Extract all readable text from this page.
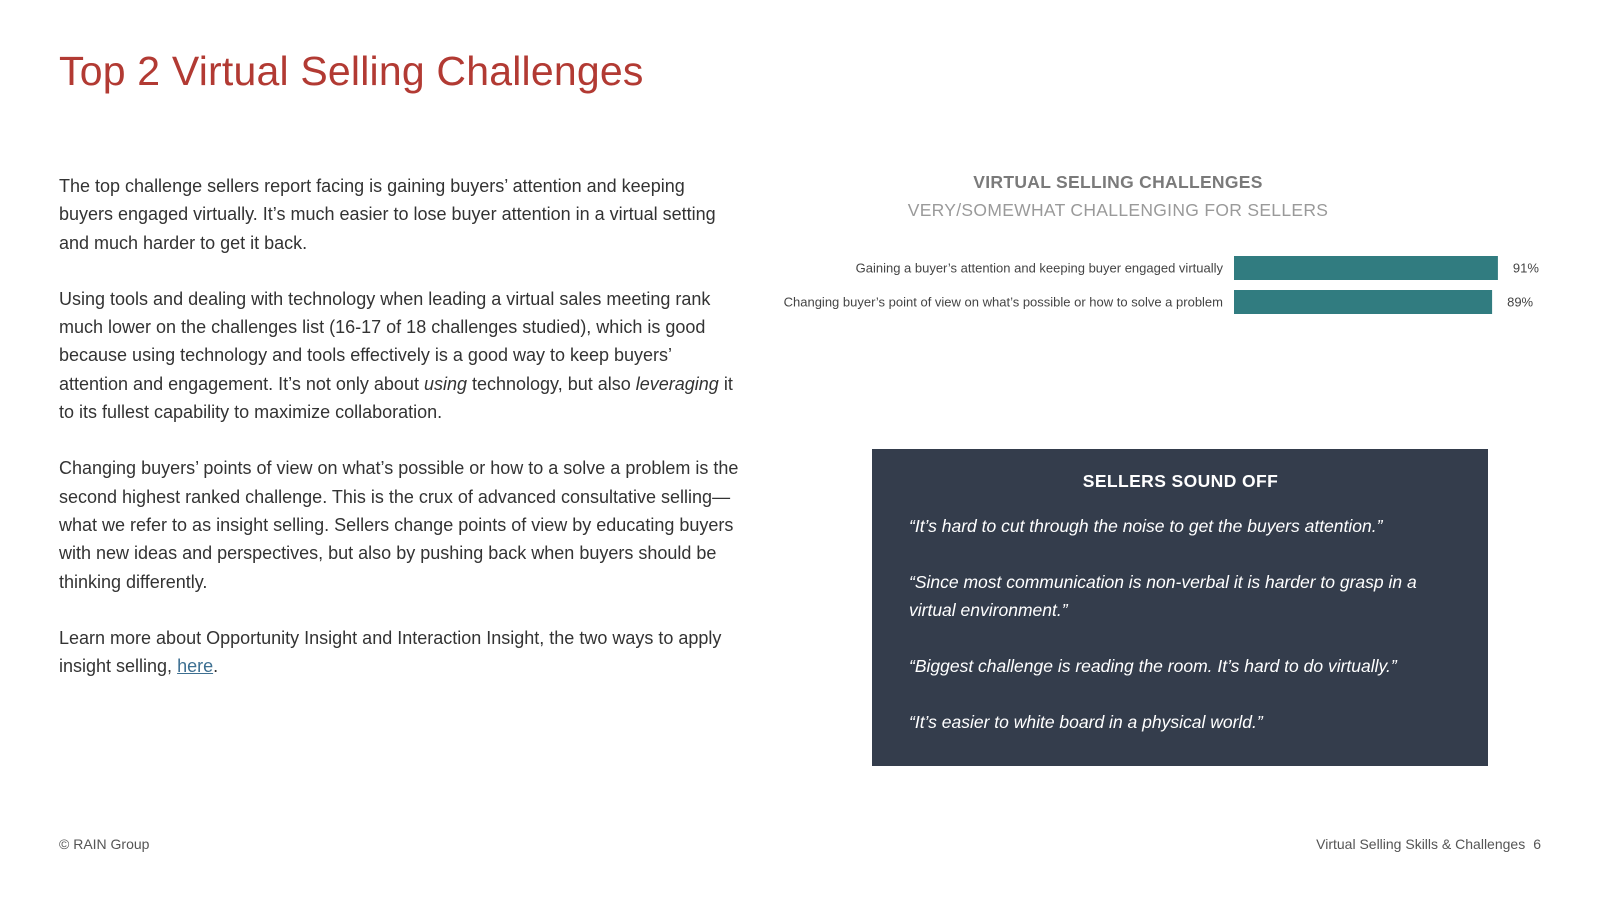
Top 2 Virtual Selling Challenges

The top challenge sellers report facing is gaining buyers’ attention and keeping buyers engaged virtually. It’s much easier to lose buyer attention in a virtual setting and much harder to get it back.

Using tools and dealing with technology when leading a virtual sales meeting rank much lower on the challenges list (16-17 of 18 challenges studied), which is good because using technology and tools effectively is a good way to keep buyers’ attention and engagement. It’s not only about using technology, but also leveraging it to its fullest capability to maximize collaboration.

Changing buyers’ points of view on what’s possible or how to a solve a problem is the second highest ranked challenge. This is the crux of advanced consultative selling—what we refer to as insight selling. Sellers change points of view by educating buyers with new ideas and perspectives, but also by pushing back when buyers should be thinking differently.

Learn more about Opportunity Insight and Interaction Insight, the two ways to apply insight selling, here.

VIRTUAL SELLING CHALLENGES
VERY/SOMEWHAT CHALLENGING FOR SELLERS
Gaining a buyer’s attention and keeping buyer engaged virtually	91%
Changing buyer’s point of view on what’s possible or how to solve a problem	89%
SELLERS SOUND OFF

“It’s hard to cut through the noise to get the buyers attention.”

“Since most communication is non-verbal it is harder to grasp in a virtual environment.”

“Biggest challenge is reading the room. It’s hard to do virtually.”

“It’s easier to white board in a physical world.”

© RAIN Group	Virtual Selling Skills & Challenges 6
